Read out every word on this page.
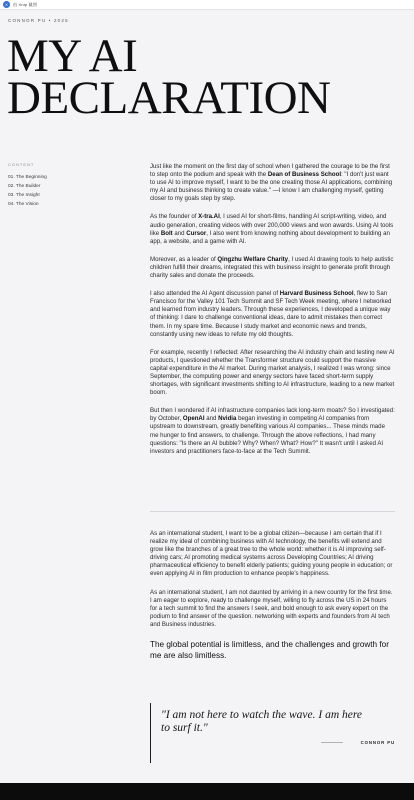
X	由 Xnip 截图
CONNOR PU • 2025
MY AI
DECLARATION
CONTENT
01. The Beginning
02. The Builder
03. The Insight
04. The Vision

Just like the moment on the first day of school when I gathered the courage to be the first to step onto the podium and speak with the Dean of Business School: "I don't just want to use AI to improve myself, I want to be the one creating those AI applications, combining my AI and business thinking to create value." —I know I am challenging myself, getting closer to my goals step by step.

As the founder of X-tra.AI, I used AI for short-films, handling AI script-writing, video, and audio generation, creating videos with over 200,000 views and won awards. Using AI tools like Bolt and Cursor, I also went from knowing nothing about development to building an app, a website, and a game with AI.

Moreover, as a leader of Qingzhu Welfare Charity, I used AI drawing tools to help autistic children fulfill their dreams, integrated this with business insight to generate profit through charity sales and donate the proceeds.

I also attended the AI Agent discussion panel of Harvard Business School, flew to San Francisco for the Valley 101 Tech Summit and SF Tech Week meeting, where I networked and learned from industry leaders. Through these experiences, I developed a unique way of thinking: I dare to challenge conventional ideas, dare to admit mistakes then correct them. In my spare time. Because I study market and economic news and trends, constantly using new ideas to refute my old thoughts.

For example, recently I reflected: After researching the AI industry chain and testing new AI products, I questioned whether the Transformer structure could support the massive capital expenditure in the AI market. During market analysis, I realized I was wrong: since September, the computing power and energy sectors have faced short-term supply shortages, with significant investments shifting to AI infrastructure, leading to a new market boom.

But then I wondered if AI infrastructure companies lack long-term moats? So I investigated: by October, OpenAI and Nvidia began investing in competing AI companies from upstream to downstream, greatly benefiting various AI companies... These minds made me hunger to find answers, to challenge. Through the above reflections, I had many questions: "Is there an AI bubble? Why? When? What? How?" It wasn't until I asked AI investors and practitioners face-to-face at the Tech Summit.

As an international student, I want to be a global citizen—because I am certain that if I realize my ideal of combining business with AI technology, the benefits will extend and grow like the branches of a great tree to the whole world: whether it is AI improving self-driving cars; AI promoting medical systems across Developing Countries; AI driving pharmaceutical efficiency to benefit elderly patients; guiding young people in education; or even applying AI in film production to enhance people's happiness.

As an international student, I am not daunted by arriving in a new country for the first time. I am eager to explore, ready to challenge myself, willing to fly across the US in 24 hours for a tech summit to find the answers I seek, and bold enough to ask every expert on the podium to find answer of the question. networking with experts and founders from AI tech and Business industries.

The global potential is limitless, and the challenges and growth for me are also limitless.

"I am not here to watch the wave. I am here to surf it."
CONNOR PU
